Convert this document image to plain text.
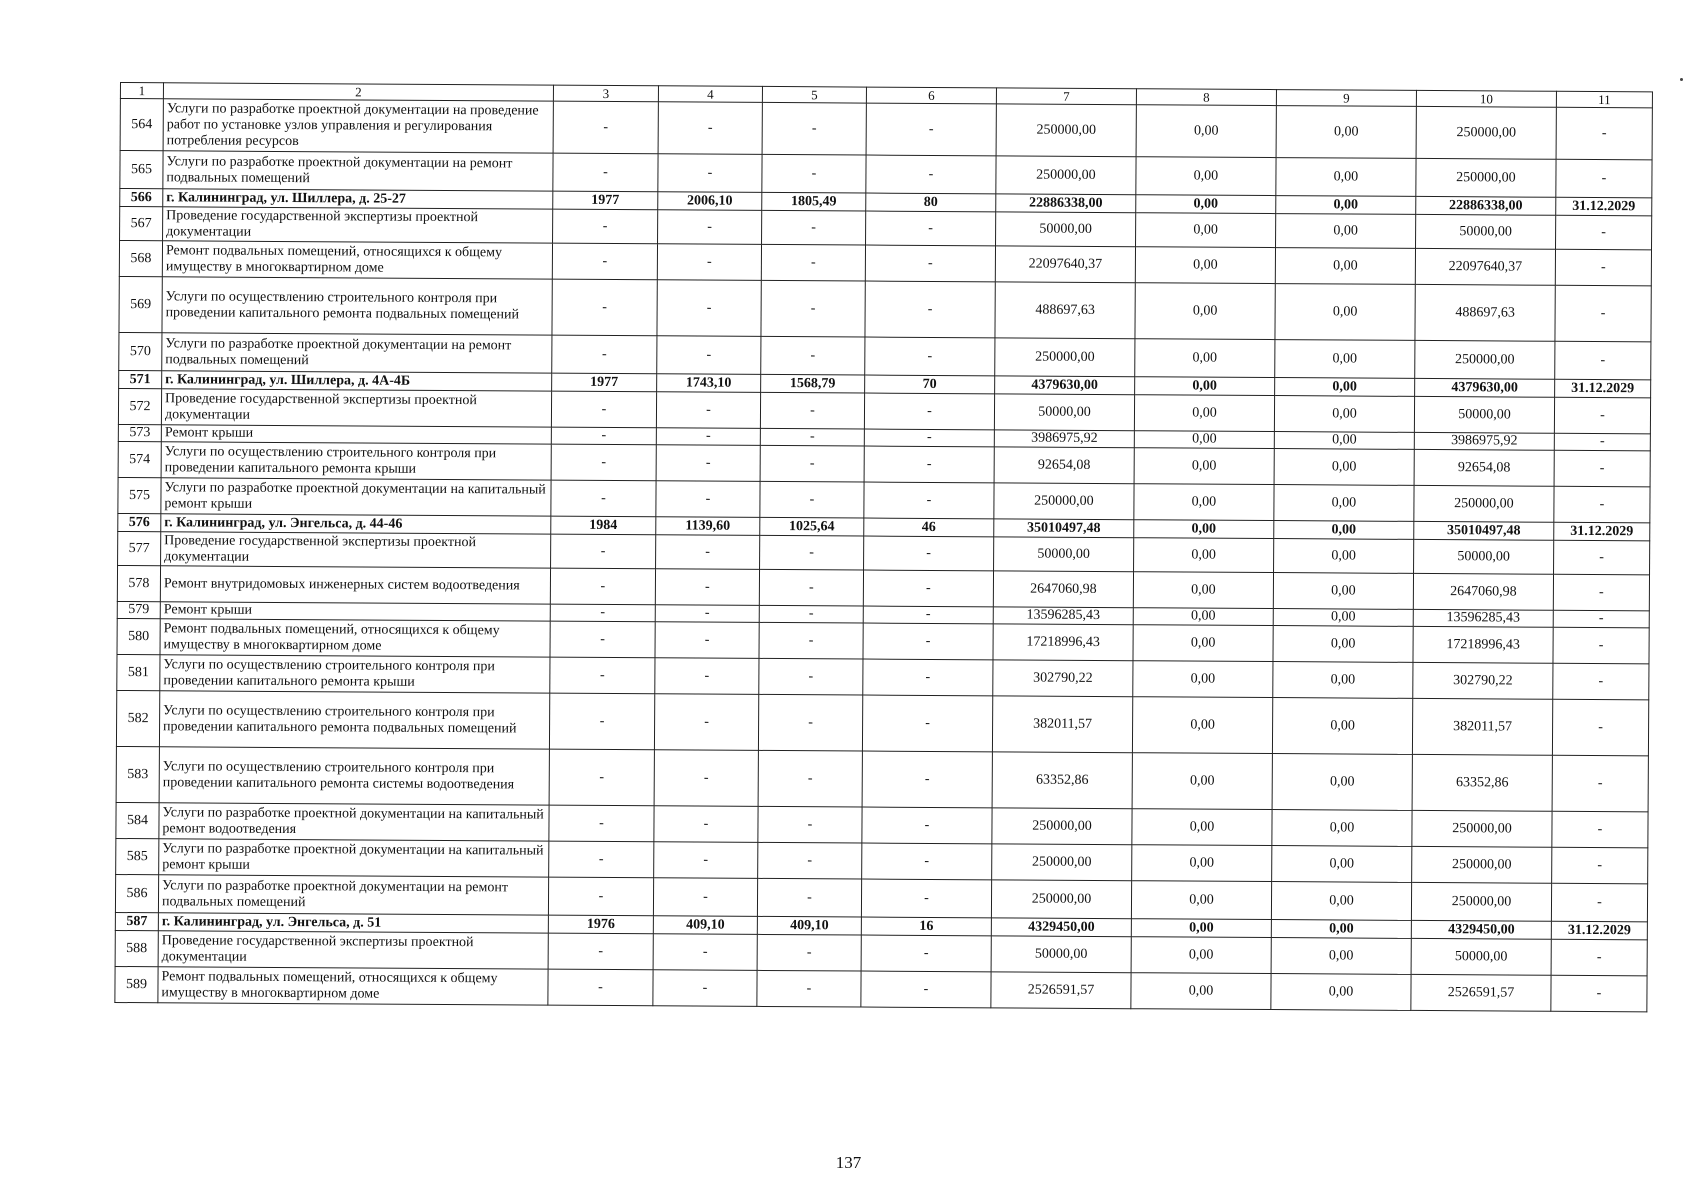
1	2	3	4	5	6	7	8	9	10	11
564	Услуги по разработке проектной документации на проведение работ по установке узлов управления и регулирования потребления ресурсов	-	-	-	-	250000,00	0,00	0,00	250000,00	-
565	Услуги по разработке проектной документации на ремонт подвальных помещений	-	-	-	-	250000,00	0,00	0,00	250000,00	-
566	г. Калининград, ул. Шиллера, д. 25-27	1977	2006,10	1805,49	80	22886338,00	0,00	0,00	22886338,00	31.12.2029
567	Проведение государственной экспертизы проектной документации	-	-	-	-	50000,00	0,00	0,00	50000,00	-
568	Ремонт подвальных помещений, относящихся к общему имуществу в многоквартирном доме	-	-	-	-	22097640,37	0,00	0,00	22097640,37	-
569	Услуги по осуществлению строительного контроля при проведении капитального ремонта подвальных помещений	-	-	-	-	488697,63	0,00	0,00	488697,63	-
570	Услуги по разработке проектной документации на ремонт подвальных помещений	-	-	-	-	250000,00	0,00	0,00	250000,00	-
571	г. Калининград, ул. Шиллера, д. 4А-4Б	1977	1743,10	1568,79	70	4379630,00	0,00	0,00	4379630,00	31.12.2029
572	Проведение государственной экспертизы проектной документации	-	-	-	-	50000,00	0,00	0,00	50000,00	-
573	Ремонт крыши	-	-	-	-	3986975,92	0,00	0,00	3986975,92	-
574	Услуги по осуществлению строительного контроля при проведении капитального ремонта крыши	-	-	-	-	92654,08	0,00	0,00	92654,08	-
575	Услуги по разработке проектной документации на капитальный ремонт крыши	-	-	-	-	250000,00	0,00	0,00	250000,00	-
576	г. Калининград, ул. Энгельса, д. 44-46	1984	1139,60	1025,64	46	35010497,48	0,00	0,00	35010497,48	31.12.2029
577	Проведение государственной экспертизы проектной документации	-	-	-	-	50000,00	0,00	0,00	50000,00	-
578	Ремонт внутридомовых инженерных систем водоотведения	-	-	-	-	2647060,98	0,00	0,00	2647060,98	-
579	Ремонт крыши	-	-	-	-	13596285,43	0,00	0,00	13596285,43	-
580	Ремонт подвальных помещений, относящихся к общему имуществу в многоквартирном доме	-	-	-	-	17218996,43	0,00	0,00	17218996,43	-
581	Услуги по осуществлению строительного контроля при проведении капитального ремонта крыши	-	-	-	-	302790,22	0,00	0,00	302790,22	-
582	Услуги по осуществлению строительного контроля при проведении капитального ремонта подвальных помещений	-	-	-	-	382011,57	0,00	0,00	382011,57	-
583	Услуги по осуществлению строительного контроля при проведении капитального ремонта системы водоотведения	-	-	-	-	63352,86	0,00	0,00	63352,86	-
584	Услуги по разработке проектной документации на капитальный ремонт водоотведения	-	-	-	-	250000,00	0,00	0,00	250000,00	-
585	Услуги по разработке проектной документации на капитальный ремонт крыши	-	-	-	-	250000,00	0,00	0,00	250000,00	-
586	Услуги по разработке проектной документации на ремонт подвальных помещений	-	-	-	-	250000,00	0,00	0,00	250000,00	-
587	г. Калининград, ул. Энгельса, д. 51	1976	409,10	409,10	16	4329450,00	0,00	0,00	4329450,00	31.12.2029
588	Проведение государственной экспертизы проектной документации	-	-	-	-	50000,00	0,00	0,00	50000,00	-
589	Ремонт подвальных помещений, относящихся к общему имуществу в многоквартирном доме	-	-	-	-	2526591,57	0,00	0,00	2526591,57	-
137
